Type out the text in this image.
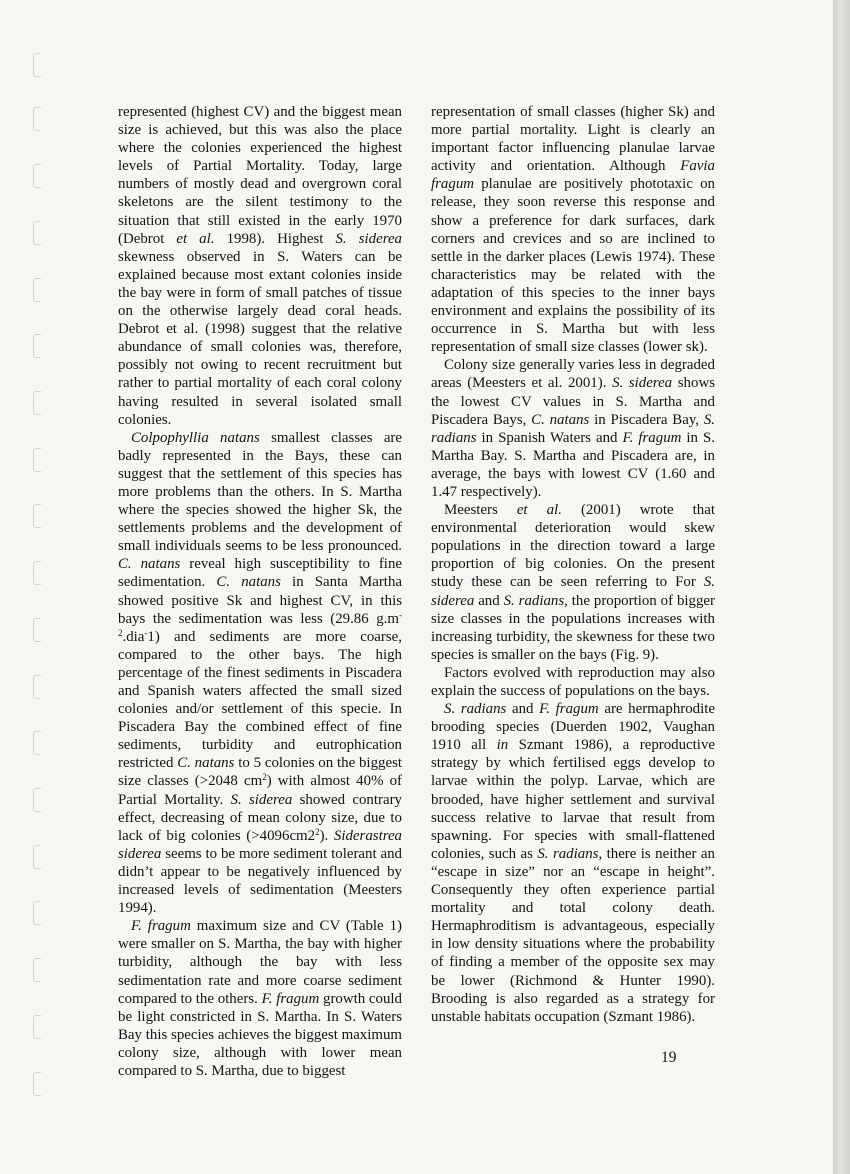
represented (highest CV) and the biggest mean size is achieved, but this was also the place where the colonies experienced the highest levels of Partial Mortality. Today, large numbers of mostly dead and overgrown coral skeletons are the silent testimony to the situation that still existed in the early 1970 (Debrot et al. 1998). Highest S. siderea skewness observed in S. Waters can be explained because most extant colonies inside the bay were in form of small patches of tissue on the otherwise largely dead coral heads. Debrot et al. (1998) suggest that the relative abundance of small colonies was, therefore, possibly not owing to recent recruitment but rather to partial mortality of each coral colony having resulted in several isolated small colonies.

Colpophyllia natans smallest classes are badly represented in the Bays, these can suggest that the settlement of this species has more problems than the others. In S. Martha where the species showed the higher Sk, the settlements problems and the development of small individuals seems to be less pronounced. C. natans reveal high susceptibility to fine sedimentation. C. natans in Santa Martha showed positive Sk and highest CV, in this bays the sedimentation was less (29.86 $g.m^{-2}.dia^-1$) and sediments are more coarse, compared to the other bays. The high percentage of the finest sediments in Piscadera and Spanish waters affected the small sized colonies and/or settlement of this specie. In Piscadera Bay the combined effect of fine sediments, turbidity and eutrophication restricted C. natans to 5 colonies on the biggest size classes (>2048 $cm^2$) with almost 40% of Partial Mortality. S. siderea showed contrary effect, decreasing of mean colony size, due to lack of big colonies $(>4096cm2^2)$. Siderastrea siderea seems to be more sediment tolerant and didn’t appear to be negatively influenced by increased levels of sedimentation (Meesters 1994).

F. fragum maximum size and CV (Table 1) were smaller on S. Martha, the bay with higher turbidity, although the bay with less sedimentation rate and more coarse sediment compared to the others. F. fragum growth could be light constricted in S. Martha. In S. Waters Bay this species achieves the biggest maximum colony size, although with lower mean compared to S. Martha, due to biggest

representation of small classes (higher Sk) and more partial mortality. Light is clearly an important factor influencing planulae larvae activity and orientation. Although Favia fragum planulae are positively phototaxic on release, they soon reverse this response and show a preference for dark surfaces, dark corners and crevices and so are inclined to settle in the darker places (Lewis 1974). These characteristics may be related with the adaptation of this species to the inner bays environment and explains the possibility of its occurrence in S. Martha but with less representation of small size classes (lower sk).

Colony size generally varies less in degraded areas (Meesters et al. 2001). S. siderea shows the lowest CV values in S. Martha and Piscadera Bays, C. natans in Piscadera Bay, S. radians in Spanish Waters and F. fragum in S. Martha Bay. S. Martha and Piscadera are, in average, the bays with lowest CV (1.60 and 1.47 respectively).

Meesters et al. (2001) wrote that environmental deterioration would skew populations in the direction toward a large proportion of big colonies. On the present study these can be seen referring to For S. siderea and S. radians, the proportion of bigger size classes in the populations increases with increasing turbidity, the skewness for these two species is smaller on the bays (Fig. 9).

Factors evolved with reproduction may also explain the success of populations on the bays.

S. radians and F. fragum are hermaphrodite brooding species (Duerden 1902, Vaughan 1910 all in Szmant 1986), a reproductive strategy by which fertilised eggs develop to larvae within the polyp. Larvae, which are brooded, have higher settlement and survival success relative to larvae that result from spawning. For species with small-flattened colonies, such as S. radians, there is neither an “escape in size” nor an “escape in height”. Consequently they often experience partial mortality and total colony death. Hermaphroditism is advantageous, especially in low density situations where the probability of finding a member of the opposite sex may be lower (Richmond & Hunter 1990). Brooding is also regarded as a strategy for unstable habitats occupation (Szmant 1986).

19
